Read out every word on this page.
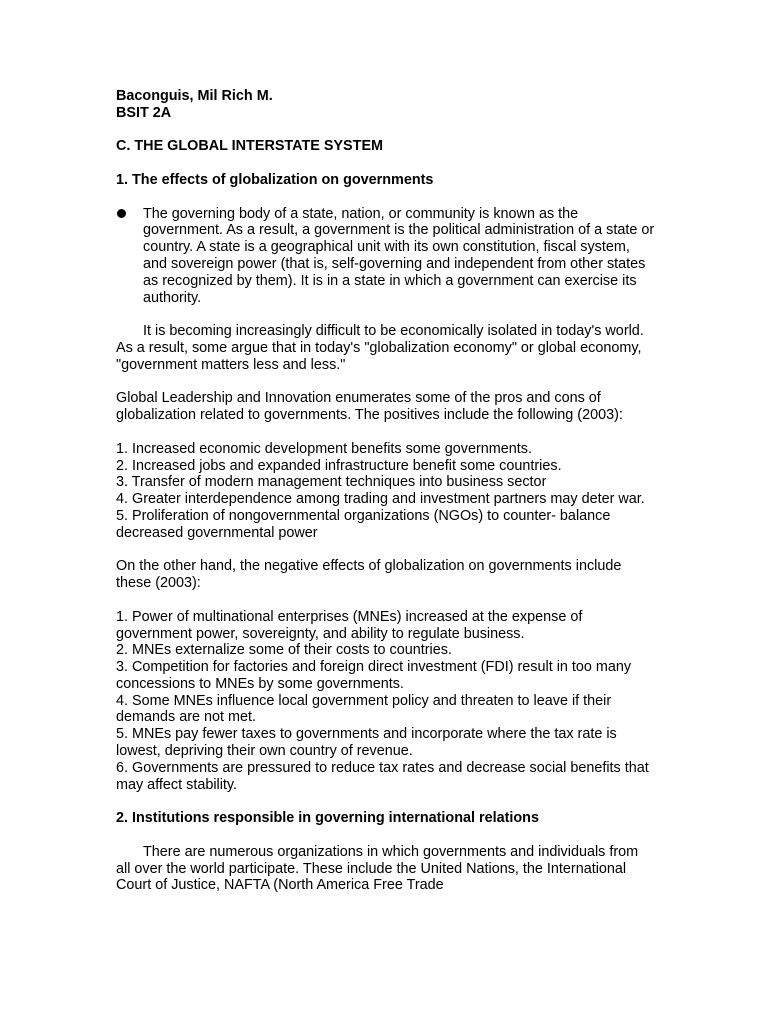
Baconguis, Mil Rich M.

BSIT 2A

C. THE GLOBAL INTERSTATE SYSTEM

1. The effects of globalization on governments

The governing body of a state, nation, or community is known as the government. As a result, a government is the political administration of a state or country. A state is a geographical unit with its own constitution, fiscal system, and sovereign power (that is, self-governing and independent from other states as recognized by them). It is in a state in which a government can exercise its authority.

It is becoming increasingly difficult to be economically isolated in today's world. As a result, some argue that in today's "globalization economy" or global economy, "government matters less and less."

Global Leadership and Innovation enumerates some of the pros and cons of globalization related to governments. The positives include the following (2003):

1. Increased economic development benefits some governments.

2. Increased jobs and expanded infrastructure benefit some countries.

3. Transfer of modern management techniques into business sector

4. Greater interdependence among trading and investment partners may deter war.

5. Proliferation of nongovernmental organizations (NGOs) to counter- balance decreased governmental power

On the other hand, the negative effects of globalization on governments include these (2003):

1. Power of multinational enterprises (MNEs) increased at the expense of government power, sovereignty, and ability to regulate business.

2. MNEs externalize some of their costs to countries.

3. Competition for factories and foreign direct investment (FDI) result in too many concessions to MNEs by some governments.

4. Some MNEs influence local government policy and threaten to leave if their demands are not met.

5. MNEs pay fewer taxes to governments and incorporate where the tax rate is lowest, depriving their own country of revenue.

6. Governments are pressured to reduce tax rates and decrease social benefits that may affect stability.

2. Institutions responsible in governing international relations

There are numerous organizations in which governments and individuals from all over the world participate. These include the United Nations, the International Court of Justice, NAFTA (North America Free Trade
